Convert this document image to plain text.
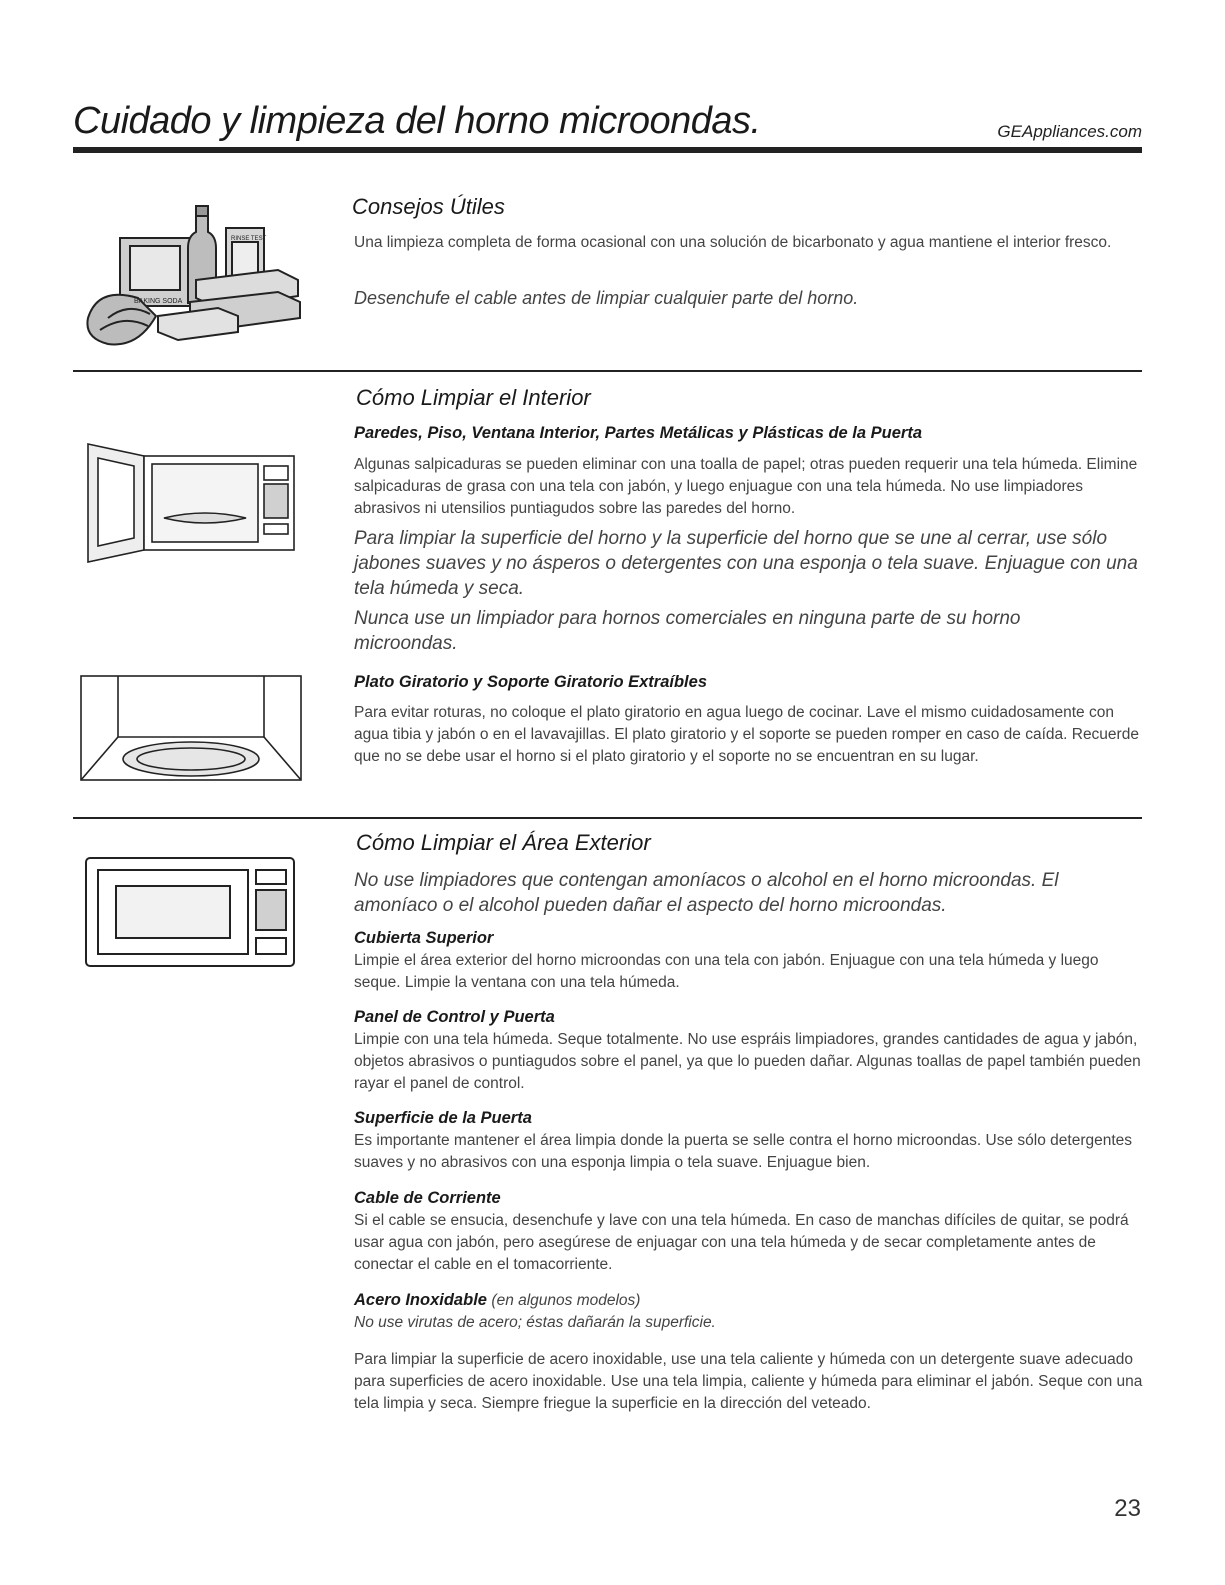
Cuidado y limpieza del horno microondas.	GEAppliances.com
BAKING SODA
RINSE TEST
Consejos Útiles
Una limpieza completa de forma ocasional con una solución de bicarbonato y agua mantiene el interior fresco.
Desenchufe el cable antes de limpiar cualquier parte del horno.
Cómo Limpiar el Interior
Paredes, Piso, Ventana Interior, Partes Metálicas y Plásticas de la Puerta
Algunas salpicaduras se pueden eliminar con una toalla de papel; otras pueden requerir una tela húmeda. Elimine salpicaduras de grasa con una tela con jabón, y luego enjuague con una tela húmeda. No use limpiadores abrasivos ni utensilios puntiagudos sobre las paredes del horno.
Para limpiar la superficie del horno y la superficie del horno que se une al cerrar, use sólo jabones suaves y no ásperos o detergentes con una esponja o tela suave. Enjuague con una tela húmeda y seca.
Nunca use un limpiador para hornos comerciales en ninguna parte de su horno microondas.
Plato Giratorio y Soporte Giratorio Extraíbles
Para evitar roturas, no coloque el plato giratorio en agua luego de cocinar. Lave el mismo cuidadosamente con agua tibia y jabón o en el lavavajillas. El plato giratorio y el soporte se pueden romper en caso de caída. Recuerde que no se debe usar el horno si el plato giratorio y el soporte no se encuentran en su lugar.
Cómo Limpiar el Área Exterior
No use limpiadores que contengan amoníacos o alcohol en el horno microondas. El amoníaco o el alcohol pueden dañar el aspecto del horno microondas.
Cubierta Superior
Limpie el área exterior del horno microondas con una tela con jabón. Enjuague con una tela húmeda y luego seque. Limpie la ventana con una tela húmeda.
Panel de Control y Puerta
Limpie con una tela húmeda. Seque totalmente. No use espráis limpiadores, grandes cantidades de agua y jabón, objetos abrasivos o puntiagudos sobre el panel, ya que lo pueden dañar. Algunas toallas de papel también pueden rayar el panel de control.
Superficie de la Puerta
Es importante mantener el área limpia donde la puerta se selle contra el horno microondas. Use sólo detergentes suaves y no abrasivos con una esponja limpia o tela suave. Enjuague bien.
Cable de Corriente
Si el cable se ensucia, desenchufe y lave con una tela húmeda. En caso de manchas difíciles de quitar, se podrá usar agua con jabón, pero asegúrese de enjuagar con una tela húmeda y de secar completamente antes de conectar el cable en el tomacorriente.
Acero Inoxidable (en algunos modelos)
No use virutas de acero; éstas dañarán la superficie.
Para limpiar la superficie de acero inoxidable, use una tela caliente y húmeda con un detergente suave adecuado para superficies de acero inoxidable. Use una tela limpia, caliente y húmeda para eliminar el jabón. Seque con una tela limpia y seca. Siempre friegue la superficie en la dirección del veteado.
23
